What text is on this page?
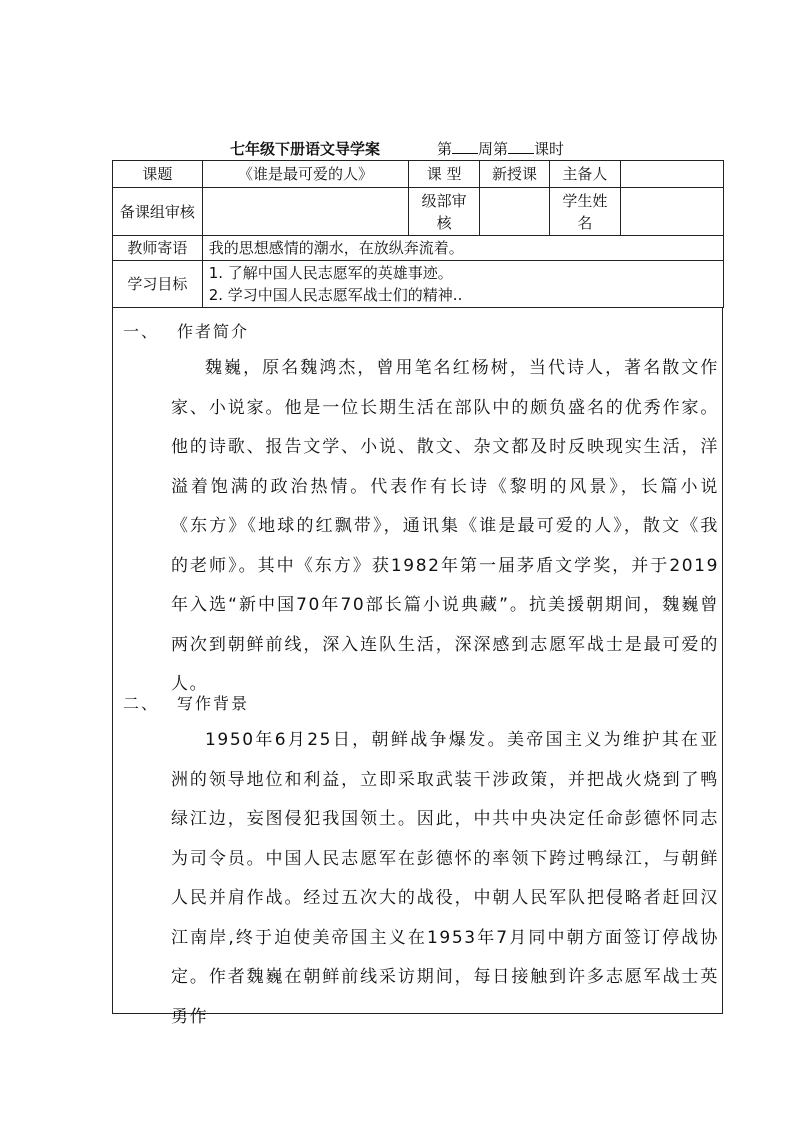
七年级下册语文导学案	第 周第 课时
课题	《谁是最可爱的人》	课 型	新授课	主备人	
备课组审核		级部审核		学生姓名	
教师寄语	我的思想感情的潮水，在放纵奔流着。				
学习目标	1. 了解中国人民志愿军的英雄事迹。
2. 学习中国人民志愿军战士们的精神..				
一、 作者简介
魏巍，原名魏鸿杰，曾用笔名红杨树，当代诗人，著名散文作家、小说家。他是一位长期生活在部队中的颇负盛名的优秀作家。他的诗歌、报告文学、小说、散文、杂文都及时反映现实生活，洋溢着饱满的政治热情。代表作有长诗《黎明的风景》，长篇小说《东方》《地球的红飘带》，通讯集《谁是最可爱的人》，散文《我的老师》。其中《东方》获1982年第一届茅盾文学奖，并于2019年入选“新中国70年70部长篇小说典藏”。抗美援朝期间，魏巍曾两次到朝鲜前线，深入连队生活，深深感到志愿军战士是最可爱的人。
二、 写作背景
1950年6月25日，朝鲜战争爆发。美帝国主义为维护其在亚洲的领导地位和利益，立即采取武装干涉政策，并把战火烧到了鸭绿江边，妄图侵犯我国领土。因此，中共中央决定任命彭德怀同志为司令员。中国人民志愿军在彭德怀的率领下跨过鸭绿江，与朝鲜人民并肩作战。经过五次大的战役，中朝人民军队把侵略者赶回汉江南岸,终于迫使美帝国主义在1953年7月同中朝方面签订停战协定。作者魏巍在朝鲜前线采访期间，每日接触到许多志愿军战士英勇作
